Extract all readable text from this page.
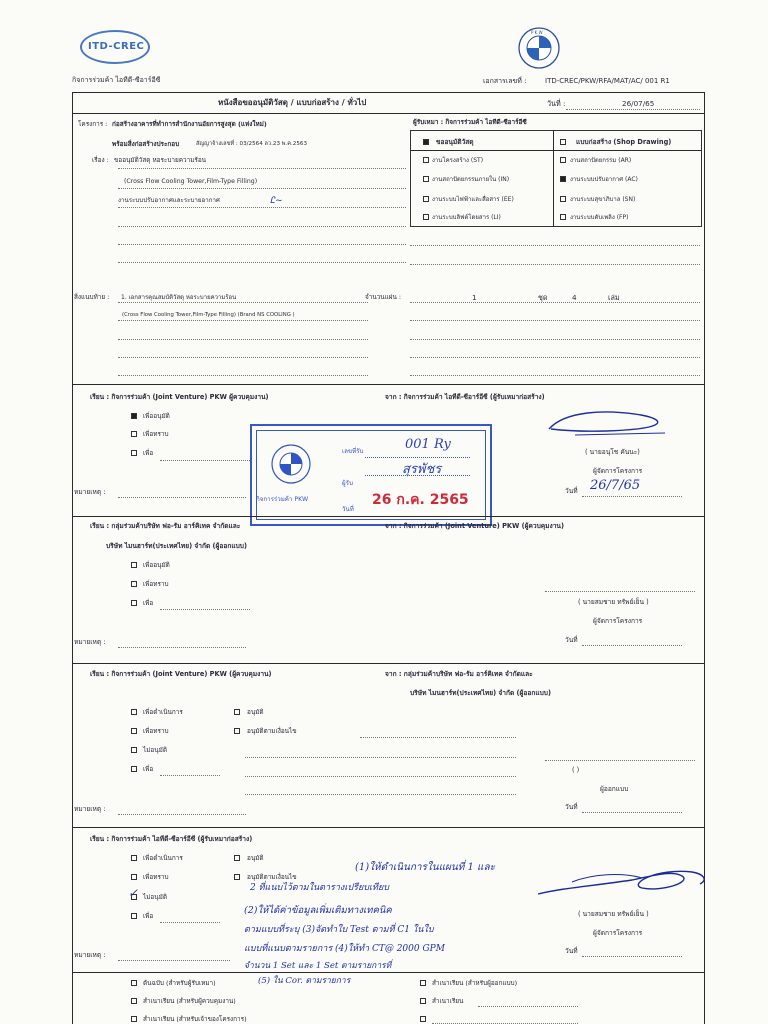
ITD-CREC
กิจการร่วมค้า ไอทีดี-ซีอาร์อีซี
P K W
เอกสารเลขที่ :	ITD-CREC/PKW/RFA/MAT/AC/ 001 R1
หนังสือขออนุมัติวัสดุ / แบบก่อสร้าง / ทั่วไป	วันที่ :	26/07/65
โครงการ : ก่อสร้างอาคารที่ทำการสำนักงานอัยการสูงสุด (แห่งใหม่)
พร้อมสิ่งก่อสร้างประกอบ	สัญญาจ้างเลขที่ : 03/2564 ลว.23 พ.ค.2563
เรื่อง : ขออนุมัติวัสดุ หอระบายความร้อน
(Cross Flow Cooling Tower,Film-Type Filling)
งานระบบปรับอากาศและระบายอากาศ	Ꮭ~
ผู้รับเหมา : กิจการร่วมค้า ไอทีดี-ซีอาร์อีซี
ขออนุมัติวัสดุ	แบบก่อสร้าง (Shop Drawing)
งานโครงสร้าง (ST)	งานสถาปัตยกรรม (AR)
งานสถาปัตยกรรมภายใน (IN)	งานระบบปรับอากาศ (AC)
งานระบบไฟฟ้าและสื่อสาร (EE)	งานระบบสุขาภิบาล (SN)
งานระบบลิฟต์โดยสาร (LI)	งานระบบดับเพลิง (FP)
สิ่งแนบท้าย : 1. เอกสารคุณสมบัติวัสดุ หอระบายความร้อน
(Cross Flow Cooling Tower,Film-Type Filling) (Brand NS COOLING )
จำนวนแผ่น :	1	ชุด	4	เล่ม
เรียน : กิจการร่วมค้า (Joint Venture) PKW ผู้ควบคุมงาน)	จาก : กิจการร่วมค้า ไอทีดี-ซีอาร์อีซี (ผู้รับเหมาก่อสร้าง)
เพื่ออนุมัติ
เพื่อทราบ
เพื่อ	( นายอนุโช คันนะ)
ผู้จัดการโครงการ
วันที่ 26/7/65
หมายเหตุ :
เลขที่รับ	001 Ry
ผู้รับ
สุรพัชร
กิจการร่วมค้า PKW
วันที่
26 ก.ค. 2565
เรียน : กลุ่มร่วมค้าบริษัท ฟอ-รัม อาร์คิเทค จำกัดและ
บริษัท ไมนฮาร์ท(ประเทศไทย) จำกัด (ผู้ออกแบบ)
จาก : กิจการร่วมค้า (Joint Venture) PKW (ผู้ควบคุมงาน)
เพื่ออนุมัติ
เพื่อทราบ
เพื่อ	( นายสมชาย ทรัพย์เย็น )
ผู้จัดการโครงการ
วันที่
หมายเหตุ :
เรียน : กิจการร่วมค้า (Joint Venture) PKW (ผู้ควบคุมงาน)	จาก : กลุ่มร่วมค้าบริษัท ฟอ-รัม อาร์คิเทค จำกัดและ
บริษัท ไมนฮาร์ท(ประเทศไทย) จำกัด (ผู้ออกแบบ)
เพื่อดำเนินการ
เพื่อทราบ
ไม่อนุมัติ
เพื่อ
อนุมัติ
อนุมัติตามเงื่อนไข
( )
ผู้ออกแบบ
วันที่
หมายเหตุ :
เรียน : กิจการร่วมค้า ไอทีดี-ซีอาร์อีซี (ผู้รับเหมาก่อสร้าง)
เพื่อดำเนินการ
เพื่อทราบ
✓ ไม่อนุมัติ
เพื่อ
อนุมัติ
อนุมัติตามเงื่อนไข
(1)ให้ดำเนินการในแผนที่ 1 และ
2 ที่แนบไว้ตามในตารางเปรียบเทียบ
(2)ให้ได้ค่าข้อมูลเพิ่มเติมทางเทคนิค
ตามแบบที่ระบุ (3)จัดทำใบ Test ตามที่ C1 ในใบ
แบบที่แนบตามรายการ (4)ให้ทำ CT@ 2000 GPM
จำนวน 1 Set และ 1 Set ตามรายการที่
(5) ใน Cor. ตามรายการ
( นายสมชาย ทรัพย์เย็น )
ผู้จัดการโครงการ
วันที่
หมายเหตุ :
ต้นฉบับ (สำหรับผู้รับเหมา)
สำเนาเรียน (สำหรับผู้ควบคุมงาน)
สำเนาเรียน (สำหรับเจ้าของโครงการ)
สำเนาเรียน (สำหรับผู้ออกแบบ)
สำเนาเรียน
